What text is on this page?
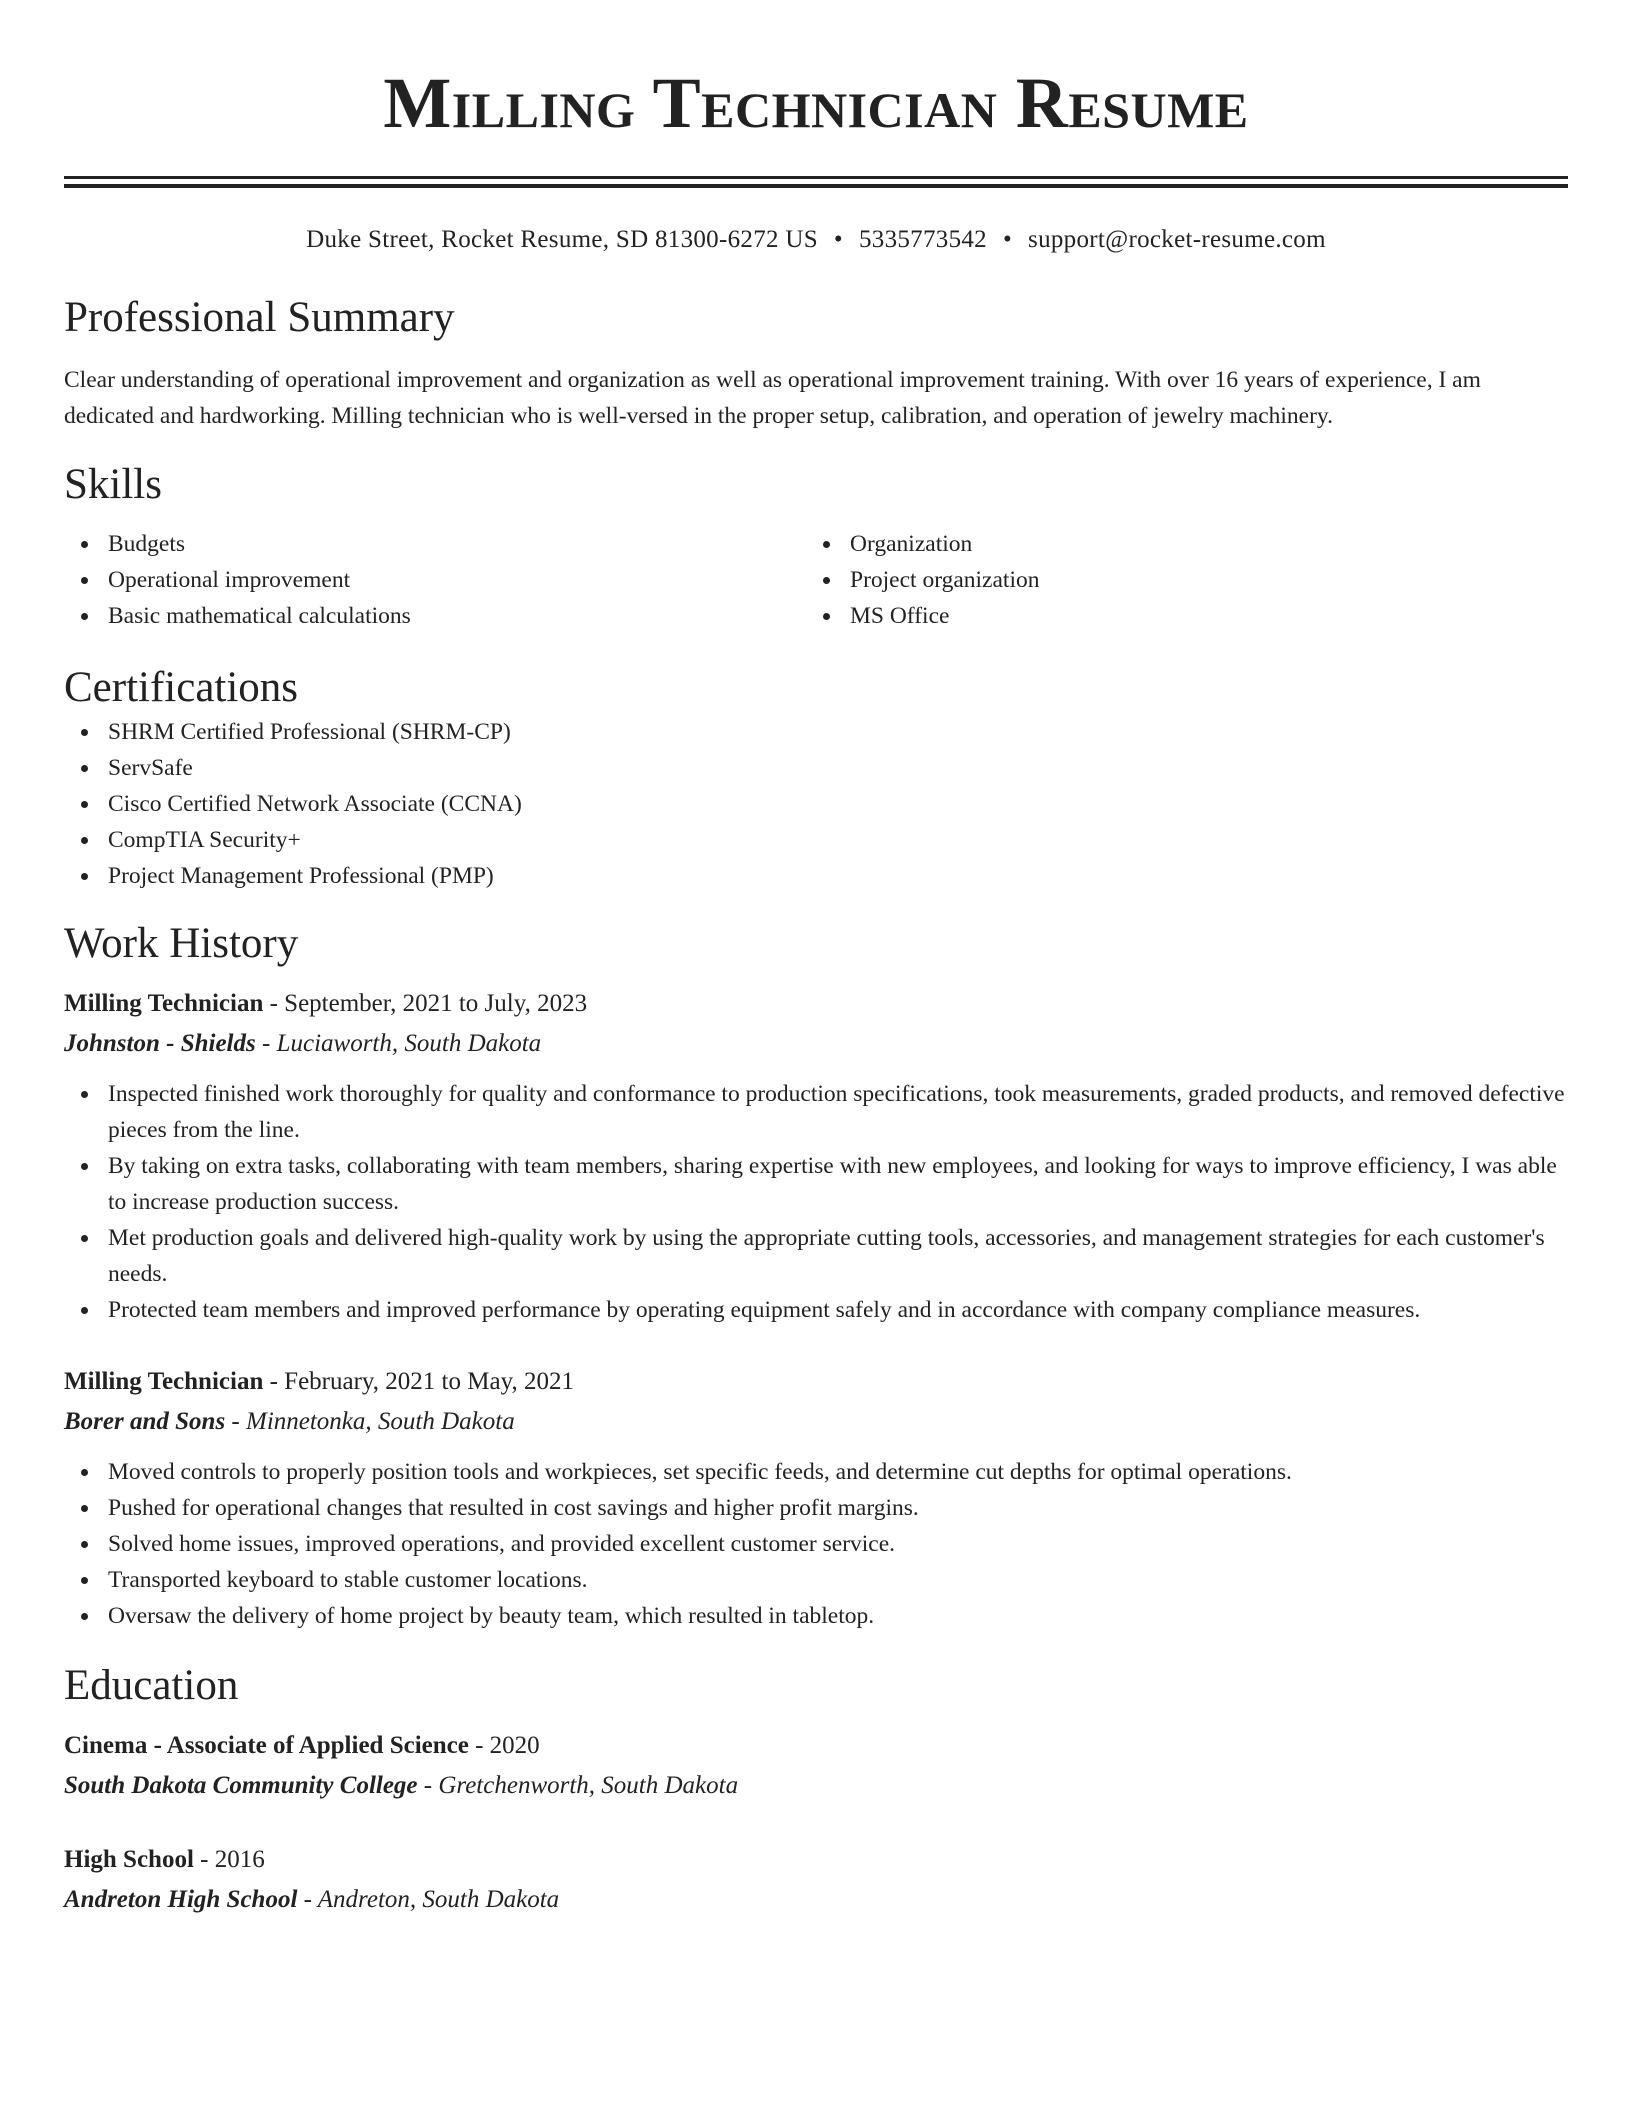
Milling Technician Resume
Duke Street, Rocket Resume, SD 81300-6272 US • 5335773542 • support@rocket-resume.com
Professional Summary

Clear understanding of operational improvement and organization as well as operational improvement training. With over 16 years of experience, I am dedicated and hardworking. Milling technician who is well-versed in the proper setup, calibration, and operation of jewelry machinery.

Skills
Budgets
Operational improvement
Basic mathematical calculations
Organization
Project organization
MS Office
Certifications
SHRM Certified Professional (SHRM-CP)
ServSafe
Cisco Certified Network Associate (CCNA)
CompTIA Security+
Project Management Professional (PMP)
Work History
Milling Technician - September, 2021 to July, 2023
Johnston - Shields - Luciaworth, South Dakota
Inspected finished work thoroughly for quality and conformance to production specifications, took measurements, graded products, and removed defective pieces from the line.
By taking on extra tasks, collaborating with team members, sharing expertise with new employees, and looking for ways to improve efficiency, I was able to increase production success.
Met production goals and delivered high-quality work by using the appropriate cutting tools, accessories, and management strategies for each customer's needs.
Protected team members and improved performance by operating equipment safely and in accordance with company compliance measures.
Milling Technician - February, 2021 to May, 2021
Borer and Sons - Minnetonka, South Dakota
Moved controls to properly position tools and workpieces, set specific feeds, and determine cut depths for optimal operations.
Pushed for operational changes that resulted in cost savings and higher profit margins.
Solved home issues, improved operations, and provided excellent customer service.
Transported keyboard to stable customer locations.
Oversaw the delivery of home project by beauty team, which resulted in tabletop.
Education
Cinema - Associate of Applied Science - 2020
South Dakota Community College - Gretchenworth, South Dakota
High School - 2016
Andreton High School - Andreton, South Dakota
